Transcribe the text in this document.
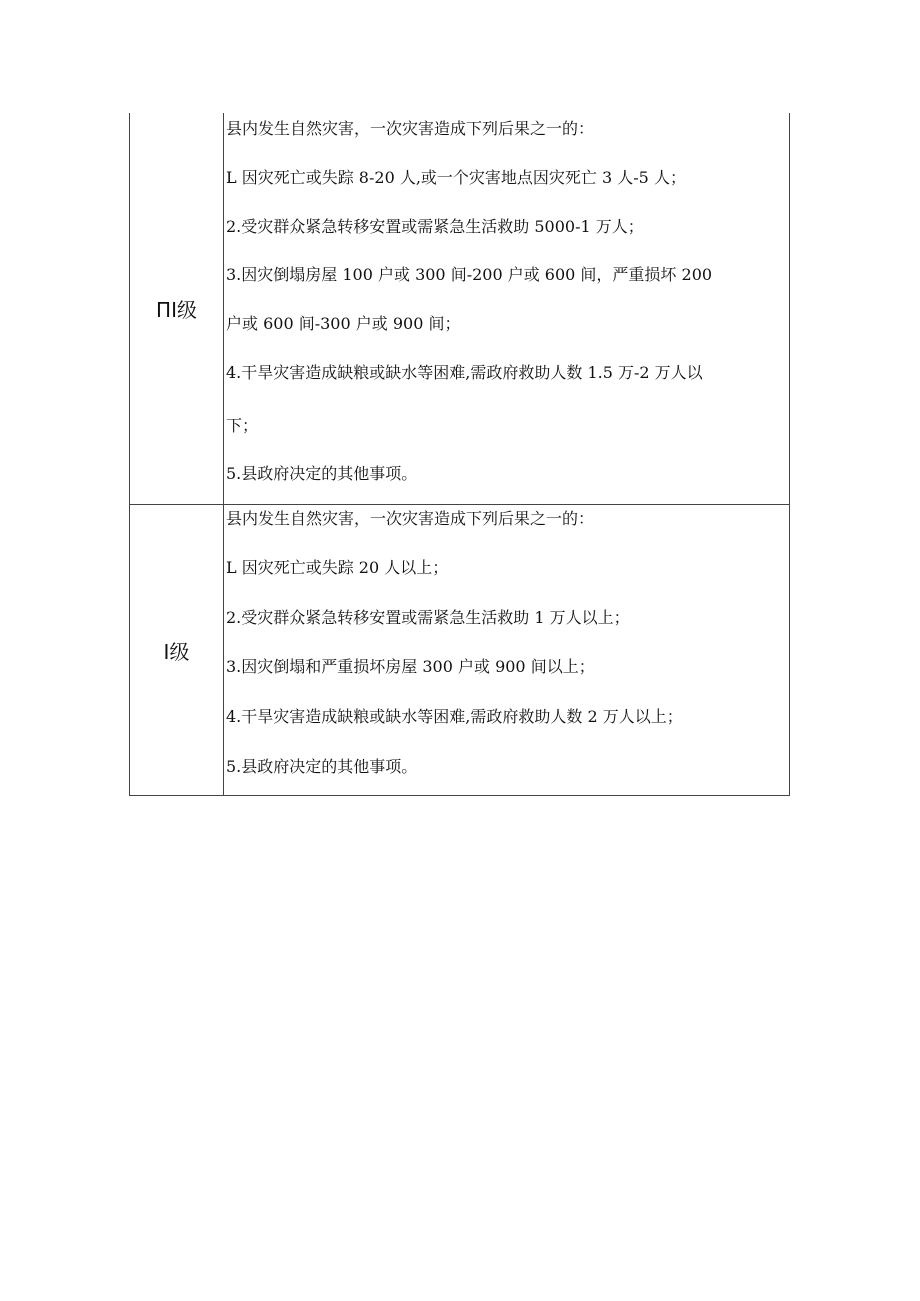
ΠⅠ级
县内发生自然灾害，一次灾害造成下列后果之一的：
L 因灾死亡或失踪 8-20 人,或一个灾害地点因灾死亡 3 人-5 人；
2.受灾群众紧急转移安置或需紧急生活救助 5000-1 万人；
3.因灾倒塌房屋 100 户或 300 间-200 户或 600 间，严重损坏 200
户或 600 间-300 户或 900 间；
4.干旱灾害造成缺粮或缺水等困难,需政府救助人数 1.5 万-2 万人以
下；
5.县政府决定的其他事项。
Ⅰ级
县内发生自然灾害，一次灾害造成下列后果之一的：
L 因灾死亡或失踪 20 人以上；
2.受灾群众紧急转移安置或需紧急生活救助 1 万人以上；
3.因灾倒塌和严重损坏房屋 300 户或 900 间以上；
4.干旱灾害造成缺粮或缺水等困难,需政府救助人数 2 万人以上；
5.县政府决定的其他事项。
